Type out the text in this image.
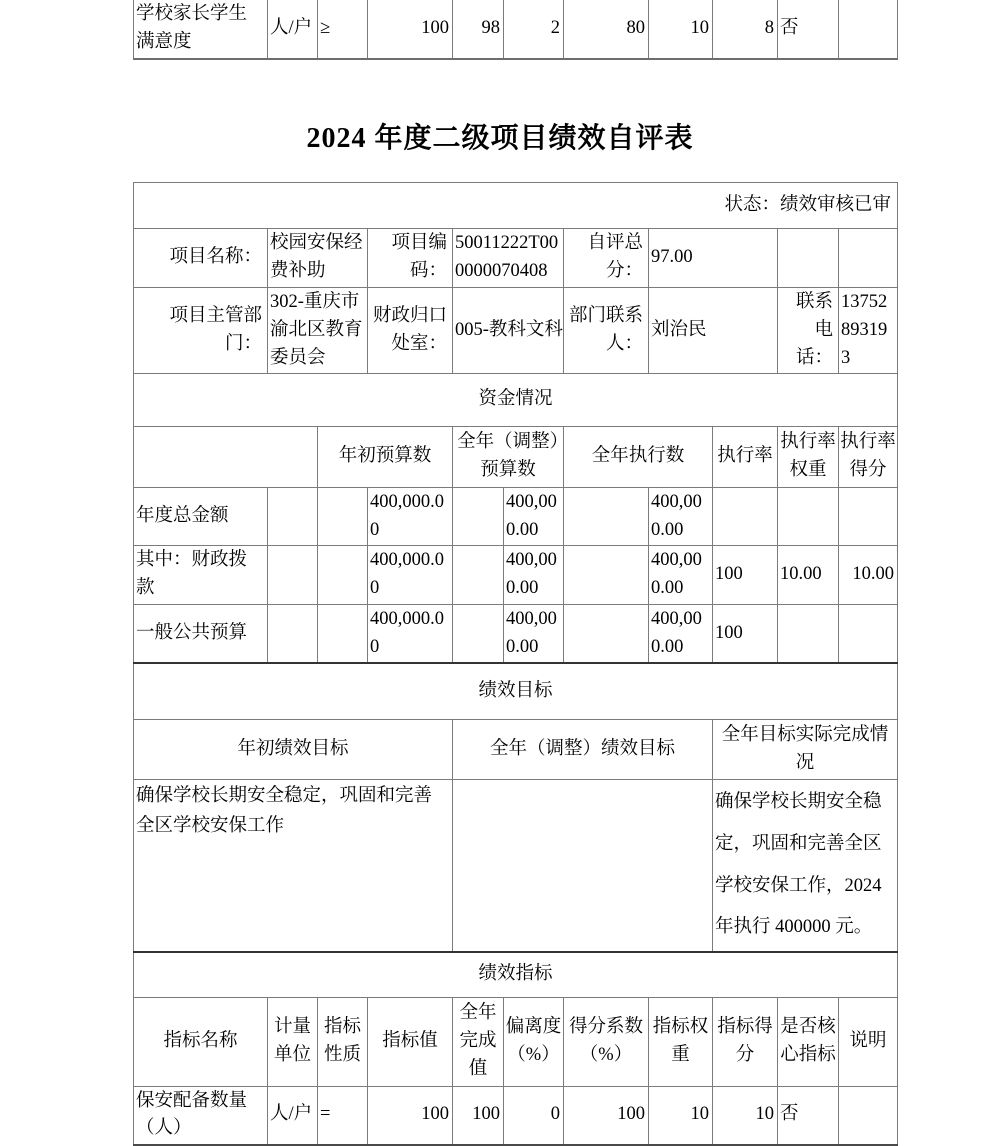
学校家长学生满意度	人/户	≥	100	98	2	80	10	8	否	
2024 年度二级项目绩效自评表
状态：绩效审核已审										
项目名称：	校园安保经费补助		项目编码：	50011222T000000070408		自评总分：	97.00			
项目主管部门：	302-重庆市渝北区教育委员会		财政归口处室：	005-教科文科		部门联系人：	刘治民		联系电话：	13752893193
资金情况										
		年初预算数		全年（调整）预算数		全年执行数		执行率	执行率权重	执行率得分
年度总金额			400,000.00		400,000.00		400,000.00			
其中：财政拨款			400,000.00		400,000.00		400,000.00	100	10.00	10.00
一般公共预算			400,000.00		400,000.00		400,000.00	100		
绩效目标										
年初绩效目标				全年（调整）绩效目标				全年目标实际完成情况		
确保学校长期安全稳定，巩固和完善全区学校安保工作								确保学校长期安全稳定，巩固和完善全区学校安保工作，2024 年执行 400000 元。		
绩效指标										
指标名称	计量单位	指标性质	指标值	全年完成值	偏离度（%）	得分系数（%）	指标权重	指标得分	是否核心指标	说明
保安配备数量（人）	人/户	=	100	100	0	100	10	10	否	
